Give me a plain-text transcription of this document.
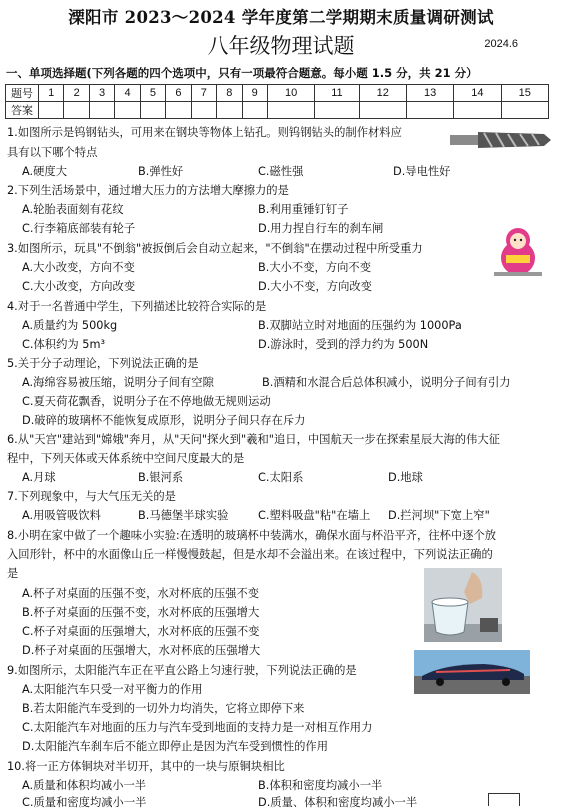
溧阳市 2023～2024 学年度第二学期期末质量调研测试
八年级物理试题	2024.6
一、单项选择题(下列各题的四个选项中，只有一项最符合题意。每小题 1.5 分，共 21 分）
题号	1	2	3	4	5	6	7	8	9	10	11	12	13	14	15
答案															
1.如图所示是钨钢钻头，可用来在钢块等物体上钻孔。则钨钢钻头的制作材料应
具有以下哪个特点
A.硬度大	B.弹性好	C.磁性强	D.导电性好
2.下列生活场景中，通过增大压力的方法增大摩擦力的是
A.轮胎表面刻有花纹	B.利用重锤钉钉子
C.行李箱底部装有轮子	D.用力捏自行车的刹车闸
3.如图所示，玩具"不倒翁"被扳倒后会自动立起来，"不倒翁"在摆动过程中所受重力
A.大小改变，方向不变	B.大小不变，方向不变
C.大小改变，方向改变	D.大小不变，方向改变
4.对于一名普通中学生，下列描述比较符合实际的是
A.质量约为 500kg	B.双脚站立时对地面的压强约为 1000Pa
C.体积约为 5m³	D.游泳时，受到的浮力约为 500N
5.关于分子动理论，下列说法正确的是
A.海绵容易被压缩，说明分子间有空隙	B.酒精和水混合后总体积减小，说明分子间有引力
C.夏天荷花飘香，说明分子在不停地做无规则运动
D.破碎的玻璃杯不能恢复成原形，说明分子间只存在斥力
6.从"天宫"建站到"嫦娥"奔月，从"天问"探火到"羲和"追日，中国航天一步在探索星辰大海的伟大征
程中，下列天体或天体系统中空间尺度最大的是
A.月球	B.银河系	C.太阳系	D.地球
7.下列现象中，与大气压无关的是
A.用吸管吸饮料	B.马德堡半球实验	C.塑料吸盘"粘"在墙上 D.拦河坝"下宽上窄"
8.小明在家中做了一个趣味小实验:在透明的玻璃杯中装满水，确保水面与杯沿平齐，往杯中逐个放
入回形针，杯中的水面像山丘一样慢慢鼓起，但是水却不会溢出来。在该过程中，下列说法正确的
是
A.杯子对桌面的压强不变，水对杯底的压强不变
B.杯子对桌面的压强不变，水对杯底的压强增大
C.杯子对桌面的压强增大，水对杯底的压强不变
D.杯子对桌面的压强增大，水对杯底的压强增大
9.如图所示，太阳能汽车正在平直公路上匀速行驶，下列说法正确的是
A.太阳能汽车只受一对平衡力的作用
B.若太阳能汽车受到的一切外力均消失，它将立即停下来
C.太阳能汽车对地面的压力与汽车受到地面的支持力是一对相互作用力
D.太阳能汽车刹车后不能立即停止是因为汽车受到惯性的作用
10.将一正方体铜块对半切开，其中的一块与原铜块相比
A.质量和体积均减小一半	B.体积和密度均减小一半
C.质量和密度均减小一半	D.质量、体积和密度均减小一半
